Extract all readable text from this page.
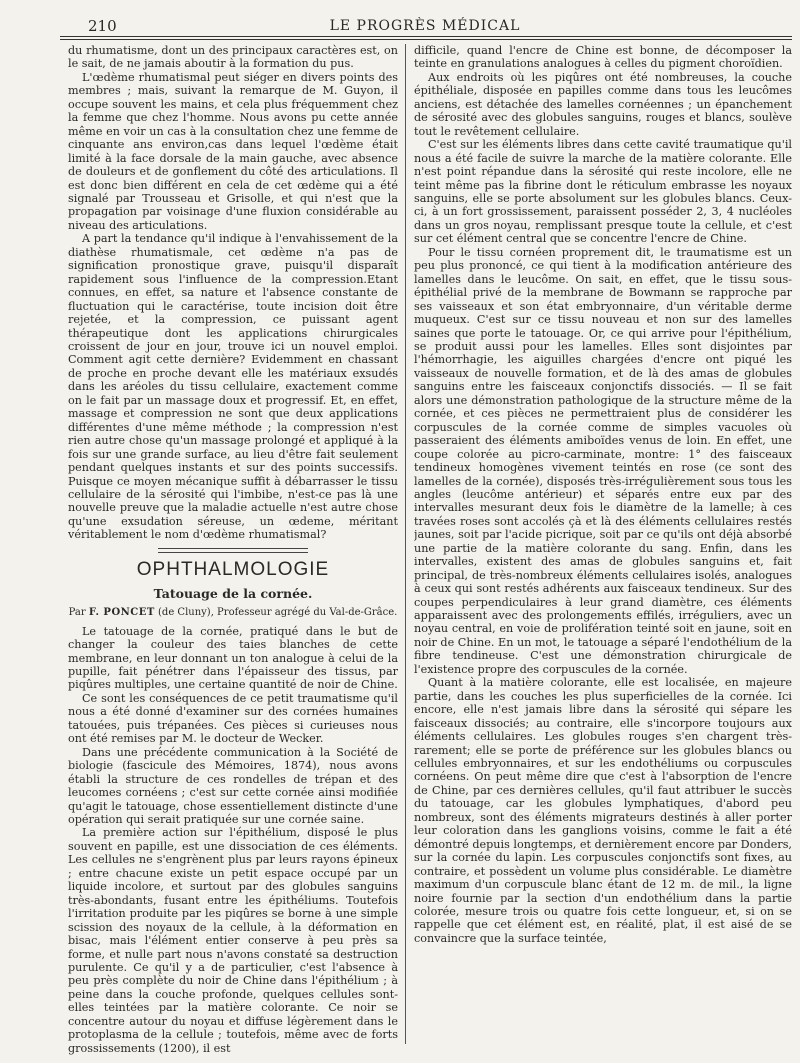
210	LE PROGRÈS MÉDICAL

du rhumatisme, dont un des principaux caractères est, on le sait, de ne jamais aboutir à la formation du pus.

L'œdème rhumatismal peut siéger en divers points des membres ; mais, suivant la remarque de M. Guyon, il occupe souvent les mains, et cela plus fréquemment chez la femme que chez l'homme. Nous avons pu cette année même en voir un cas à la consultation chez une femme de cinquante ans environ,cas dans lequel l'œdème était limité à la face dorsale de la main gauche, avec absence de douleurs et de gonflement du côté des articulations. Il est donc bien différent en cela de cet œdème qui a été signalé par Trousseau et Grisolle, et qui n'est que la propagation par voisinage d'une fluxion considérable au niveau des articulations.

A part la tendance qu'il indique à l'envahissement de la diathèse rhumatismale, cet œdème n'a pas de signification pronostique grave, puisqu'il disparaît rapidement sous l'influence de la compression.Etant connues, en effet, sa nature et l'absence constante de fluctuation qui le caractérise, toute incision doit être rejetée, et la compression, ce puissant agent thérapeutique dont les applications chirurgicales croissent de jour en jour, trouve ici un nouvel emploi. Comment agit cette dernière? Evidemment en chassant de proche en proche devant elle les matériaux exsudés dans les aréoles du tissu cellulaire, exactement comme on le fait par un massage doux et progressif. Et, en effet, massage et compression ne sont que deux applications différentes d'une même méthode ; la compression n'est rien autre chose qu'un massage prolongé et appliqué à la fois sur une grande surface, au lieu d'être fait seulement pendant quelques instants et sur des points successifs. Puisque ce moyen mécanique suffit à débarrasser le tissu cellulaire de la sérosité qui l'imbibe, n'est-ce pas là une nouvelle preuve que la maladie actuelle n'est autre chose qu'une exsudation séreuse, un œdeme, méritant véritablement le nom d'œdème rhumatismal?

OPHTHALMOLOGIE
Tatouage de la cornée.
Par F. PONCET (de Cluny), Professeur agrégé du Val-de-Grâce.

Le tatouage de la cornée, pratiqué dans le but de changer la couleur des taies blanches de cette membrane, en leur donnant un ton analogue à celui de la pupille, fait pénétrer dans l'épaisseur des tissus, par piqûres multiples, une certaine quantité de noir de Chine.

Ce sont les conséquences de ce petit traumatisme qu'il nous a été donné d'examiner sur des cornées humaines tatouées, puis trépanées. Ces pièces si curieuses nous ont été remises par M. le docteur de Wecker.

Dans une précédente communication à la Société de biologie (fascicule des Mémoires, 1874), nous avons établi la structure de ces rondelles de trépan et des leucomes cornéens ; c'est sur cette cornée ainsi modifiée qu'agit le tatouage, chose essentiellement distincte d'une opération qui serait pratiquée sur une cornée saine.

La première action sur l'épithélium, disposé le plus souvent en papille, est une dissociation de ces éléments. Les cellules ne s'engrènent plus par leurs rayons épineux ; entre chacune existe un petit espace occupé par un liquide incolore, et surtout par des globules sanguins très-abondants, fusant entre les épithéliums. Toutefois l'irritation produite par les piqûres se borne à une simple scission des noyaux de la cellule, à la déformation en bisac, mais l'élément entier conserve à peu près sa forme, et nulle part nous n'avons constaté sa destruction purulente. Ce qu'il y a de particulier, c'est l'absence à peu près complète du noir de Chine dans l'épithélium ; à peine dans la couche profonde, quelques cellules sont-elles teintées par la matière colorante. Ce noir se concentre autour du noyau et diffuse légèrement dans le protoplasma de la cellule ; toutefois, même avec de forts grossissements (1200), il est

difficile, quand l'encre de Chine est bonne, de décomposer la teinte en granulations analogues à celles du pigment choroïdien.

Aux endroits où les piqûres ont été nombreuses, la couche épithéliale, disposée en papilles comme dans tous les leucômes anciens, est détachée des lamelles cornéennes ; un épanchement de sérosité avec des globules sanguins, rouges et blancs, soulève tout le revêtement cellulaire.

C'est sur les éléments libres dans cette cavité traumatique qu'il nous a été facile de suivre la marche de la matière colorante. Elle n'est point répandue dans la sérosité qui reste incolore, elle ne teint même pas la fibrine dont le réticulum embrasse les noyaux sanguins, elle se porte absolument sur les globules blancs. Ceux-ci, à un fort grossissement, paraissent posséder 2, 3, 4 nucléoles dans un gros noyau, remplissant presque toute la cellule, et c'est sur cet élément central que se concentre l'encre de Chine.

Pour le tissu cornéen proprement dit, le traumatisme est un peu plus prononcé, ce qui tient à la modification antérieure des lamelles dans le leucôme. On sait, en effet, que le tissu sous-épithélial privé de la membrane de Bowmann se rapproche par ses vaisseaux et son état embryonnaire, d'un véritable derme muqueux. C'est sur ce tissu nouveau et non sur des lamelles saines que porte le tatouage. Or, ce qui arrive pour l'épithélium, se produit aussi pour les lamelles. Elles sont disjointes par l'hémorrhagie, les aiguilles chargées d'encre ont piqué les vaisseaux de nouvelle formation, et de là des amas de globules sanguins entre les faisceaux conjonctifs dissociés. — Il se fait alors une démonstration pathologique de la structure même de la cornée, et ces pièces ne permettraient plus de considérer les corpuscules de la cornée comme de simples vacuoles où passeraient des éléments amiboïdes venus de loin. En effet, une coupe colorée au picro-carminate, montre: 1° des faisceaux tendineux homogènes vivement teintés en rose (ce sont des lamelles de la cornée), disposés très-irrégulièrement sous tous les angles (leucôme antérieur) et séparés entre eux par des intervalles mesurant deux fois le diamètre de la lamelle; à ces travées roses sont accolés çà et là des éléments cellulaires restés jaunes, soit par l'acide picrique, soit par ce qu'ils ont déjà absorbé une partie de la matière colorante du sang. Enfin, dans les intervalles, existent des amas de globules sanguins et, fait principal, de très-nombreux éléments cellulaires isolés, analogues à ceux qui sont restés adhérents aux faisceaux tendineux. Sur des coupes perpendiculaires à leur grand diamètre, ces éléments apparaissent avec des prolongements effilés, irréguliers, avec un noyau central, en voie de prolifération teinté soit en jaune, soit en noir de Chine. En un mot, le tatouage a séparé l'endothélium de la fibre tendineuse. C'est une démonstration chirurgicale de l'existence propre des corpuscules de la cornée.

Quant à la matière colorante, elle est localisée, en majeure partie, dans les couches les plus superficielles de la cornée. Ici encore, elle n'est jamais libre dans la sérosité qui sépare les faisceaux dissociés; au contraire, elle s'incorpore toujours aux éléments cellulaires. Les globules rouges s'en chargent très-rarement; elle se porte de préférence sur les globules blancs ou cellules embryonnaires, et sur les endothéliums ou corpuscules cornéens. On peut même dire que c'est à l'absorption de l'encre de Chine, par ces dernières cellules, qu'il faut attribuer le succès du tatouage, car les globules lymphatiques, d'abord peu nombreux, sont des éléments migrateurs destinés à aller porter leur coloration dans les ganglions voisins, comme le fait a été démontré depuis longtemps, et dernièrement encore par Donders, sur la cornée du lapin. Les corpuscules conjonctifs sont fixes, au contraire, et possèdent un volume plus considérable. Le diamètre maximum d'un corpuscule blanc étant de 12 m. de mil., la ligne noire fournie par la section d'un endothélium dans la partie colorée, mesure trois ou quatre fois cette longueur, et, si on se rappelle que cet élément est, en réalité, plat, il est aisé de se convaincre que la surface teintée,
